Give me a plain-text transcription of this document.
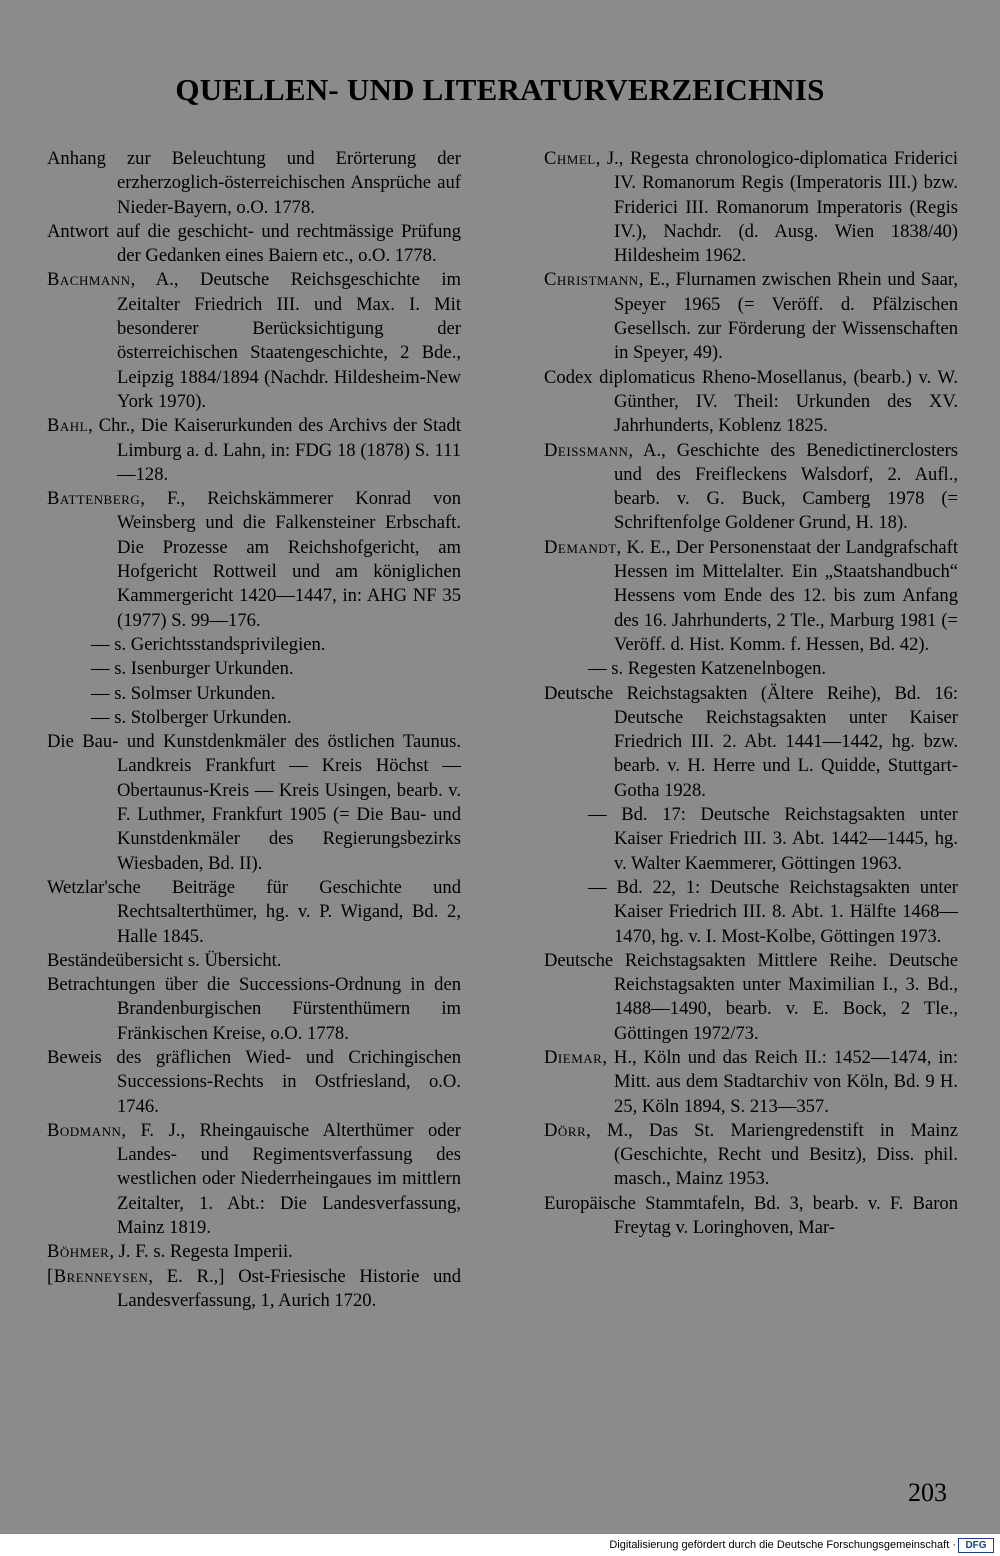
QUELLEN- UND LITERATURVERZEICHNIS

Anhang zur Beleuchtung und Erörterung der erzherzoglich-österreichischen Ansprüche auf Nieder-Bayern, o.O. 1778.

Antwort auf die geschicht- und rechtmässige Prüfung der Gedanken eines Baiern etc., o.O. 1778.

Bachmann, A., Deutsche Reichsgeschichte im Zeitalter Friedrich III. und Max. I. Mit besonderer Berücksichtigung der österreichischen Staatengeschichte, 2 Bde., Leipzig 1884/1894 (Nachdr. Hildesheim-New York 1970).

Bahl, Chr., Die Kaiserurkunden des Archivs der Stadt Limburg a. d. Lahn, in: FDG 18 (1878) S. 111—128.

Battenberg, F., Reichskämmerer Konrad von Weinsberg und die Falkensteiner Erbschaft. Die Prozesse am Reichshofgericht, am Hofgericht Rottweil und am königlichen Kammergericht 1420—1447, in: AHG NF 35 (1977) S. 99—176.

— s. Gerichtsstandsprivilegien.

— s. Isenburger Urkunden.

— s. Solmser Urkunden.

— s. Stolberger Urkunden.

Die Bau- und Kunstdenkmäler des östlichen Taunus. Landkreis Frankfurt — Kreis Höchst — Obertaunus-Kreis — Kreis Usingen, bearb. v. F. Luthmer, Frankfurt 1905 (= Die Bau- und Kunstdenkmäler des Regierungsbezirks Wiesbaden, Bd. II).

Wetzlar'sche Beiträge für Geschichte und Rechtsalterthümer, hg. v. P. Wigand, Bd. 2, Halle 1845.

Beständeübersicht s. Übersicht.

Betrachtungen über die Successions-Ordnung in den Brandenburgischen Fürstenthümern im Fränkischen Kreise, o.O. 1778.

Beweis des gräflichen Wied- und Crichingischen Successions-Rechts in Ostfriesland, o.O. 1746.

Bodmann, F. J., Rheingauische Alterthümer oder Landes- und Regimentsverfassung des westlichen oder Niederrheingaues im mittlern Zeitalter, 1. Abt.: Die Landesverfassung, Mainz 1819.

Böhmer, J. F. s. Regesta Imperii.

[Brenneysen, E. R.,] Ost-Friesische Historie und Landesverfassung, 1, Aurich 1720.

Chmel, J., Regesta chronologico-diplomatica Friderici IV. Romanorum Regis (Imperatoris III.) bzw. Friderici III. Romanorum Imperatoris (Regis IV.), Nachdr. (d. Ausg. Wien 1838/40) Hildesheim 1962.

Christmann, E., Flurnamen zwischen Rhein und Saar, Speyer 1965 (= Veröff. d. Pfälzischen Gesellsch. zur Förderung der Wissenschaften in Speyer, 49).

Codex diplomaticus Rheno-Mosellanus, (bearb.) v. W. Günther, IV. Theil: Urkunden des XV. Jahrhunderts, Koblenz 1825.

Deissmann, A., Geschichte des Benedictinerclosters und des Freifleckens Walsdorf, 2. Aufl., bearb. v. G. Buck, Camberg 1978 (= Schriftenfolge Goldener Grund, H. 18).

Demandt, K. E., Der Personenstaat der Landgrafschaft Hessen im Mittelalter. Ein „Staatshandbuch“ Hessens vom Ende des 12. bis zum Anfang des 16. Jahrhunderts, 2 Tle., Marburg 1981 (= Veröff. d. Hist. Komm. f. Hessen, Bd. 42).

— s. Regesten Katzenelnbogen.

Deutsche Reichstagsakten (Ältere Reihe), Bd. 16: Deutsche Reichstagsakten unter Kaiser Friedrich III. 2. Abt. 1441—1442, hg. bzw. bearb. v. H. Herre und L. Quidde, Stuttgart-Gotha 1928.

— Bd. 17: Deutsche Reichstagsakten unter Kaiser Friedrich III. 3. Abt. 1442—1445, hg. v. Walter Kaemmerer, Göttingen 1963.

— Bd. 22, 1: Deutsche Reichstagsakten unter Kaiser Friedrich III. 8. Abt. 1. Hälfte 1468—1470, hg. v. I. Most-Kolbe, Göttingen 1973.

Deutsche Reichstagsakten Mittlere Reihe. Deutsche Reichstagsakten unter Maximilian I., 3. Bd., 1488—1490, bearb. v. E. Bock, 2 Tle., Göttingen 1972/73.

Diemar, H., Köln und das Reich II.: 1452—1474, in: Mitt. aus dem Stadtarchiv von Köln, Bd. 9 H. 25, Köln 1894, S. 213—357.

Dörr, M., Das St. Mariengredenstift in Mainz (Geschichte, Recht und Besitz), Diss. phil. masch., Mainz 1953.

Europäische Stammtafeln, Bd. 3, bearb. v. F. Baron Freytag v. Loringhoven, Mar-

203
Digitalisierung gefördert durch die Deutsche Forschungsgemeinschaft · DFG
